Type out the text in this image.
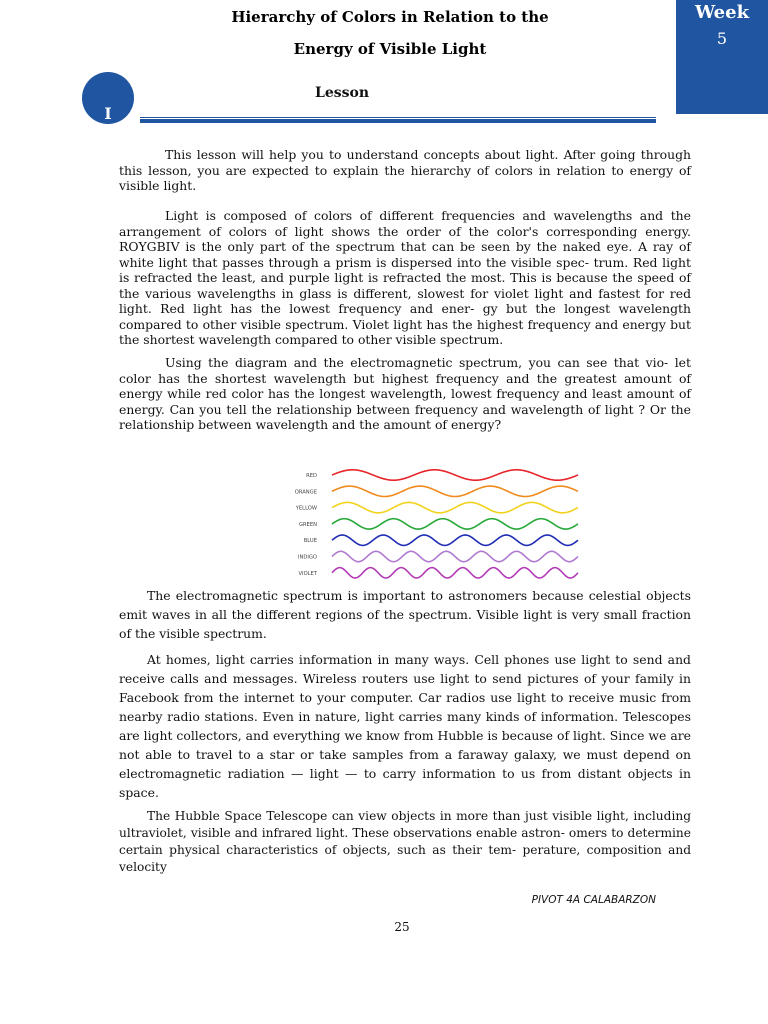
Hierarchy of Colors in Relation to the
Energy of Visible Light
Lesson
Week
5
I

This lesson will help you to understand concepts about light. After going through this lesson, you are expected to explain the hierarchy of colors in relation to energy of visible light.

Light is composed of colors of different frequencies and wavelengths and the arrangement of colors of light shows the order of the color's corresponding energy. ROYGBIV is the only part of the spectrum that can be seen by the naked eye. A ray of white light that passes through a prism is dispersed into the visible spec- trum. Red light is refracted the least, and purple light is refracted the most. This is because the speed of the various wavelengths in glass is different, slowest for violet light and fastest for red light. Red light has the lowest frequency and ener- gy but the longest wavelength compared to other visible spectrum. Violet light has the highest frequency and energy but the shortest wavelength compared to other visible spectrum.

Using the diagram and the electromagnetic spectrum, you can see that vio- let color has the shortest wavelength but highest frequency and the greatest amount of energy while red color has the longest wavelength, lowest frequency and least amount of energy. Can you tell the relationship between frequency and wavelength of light ? Or the relationship between wavelength and the amount of energy?

RED
ORANGE
YELLOW
GREEN
BLUE
INDIGO
VIOLET

The electromagnetic spectrum is important to astronomers because celestial objects emit waves in all the different regions of the spectrum. Visible light is very small fraction of the visible spectrum.

At homes, light carries information in many ways. Cell phones use light to send and receive calls and messages. Wireless routers use light to send pictures of your family in Facebook from the internet to your computer. Car radios use light to receive music from nearby radio stations. Even in nature, light carries many kinds of information. Telescopes are light collectors, and everything we know from Hubble is because of light. Since we are not able to travel to a star or take samples from a faraway galaxy, we must depend on electromagnetic radiation — light — to carry information to us from distant objects in space.

The Hubble Space Telescope can view objects in more than just visible light, including ultraviolet, visible and infrared light. These observations enable astron- omers to determine certain physical characteristics of objects, such as their tem- perature, composition and velocity

PIVOT 4A CALABARZON
25
